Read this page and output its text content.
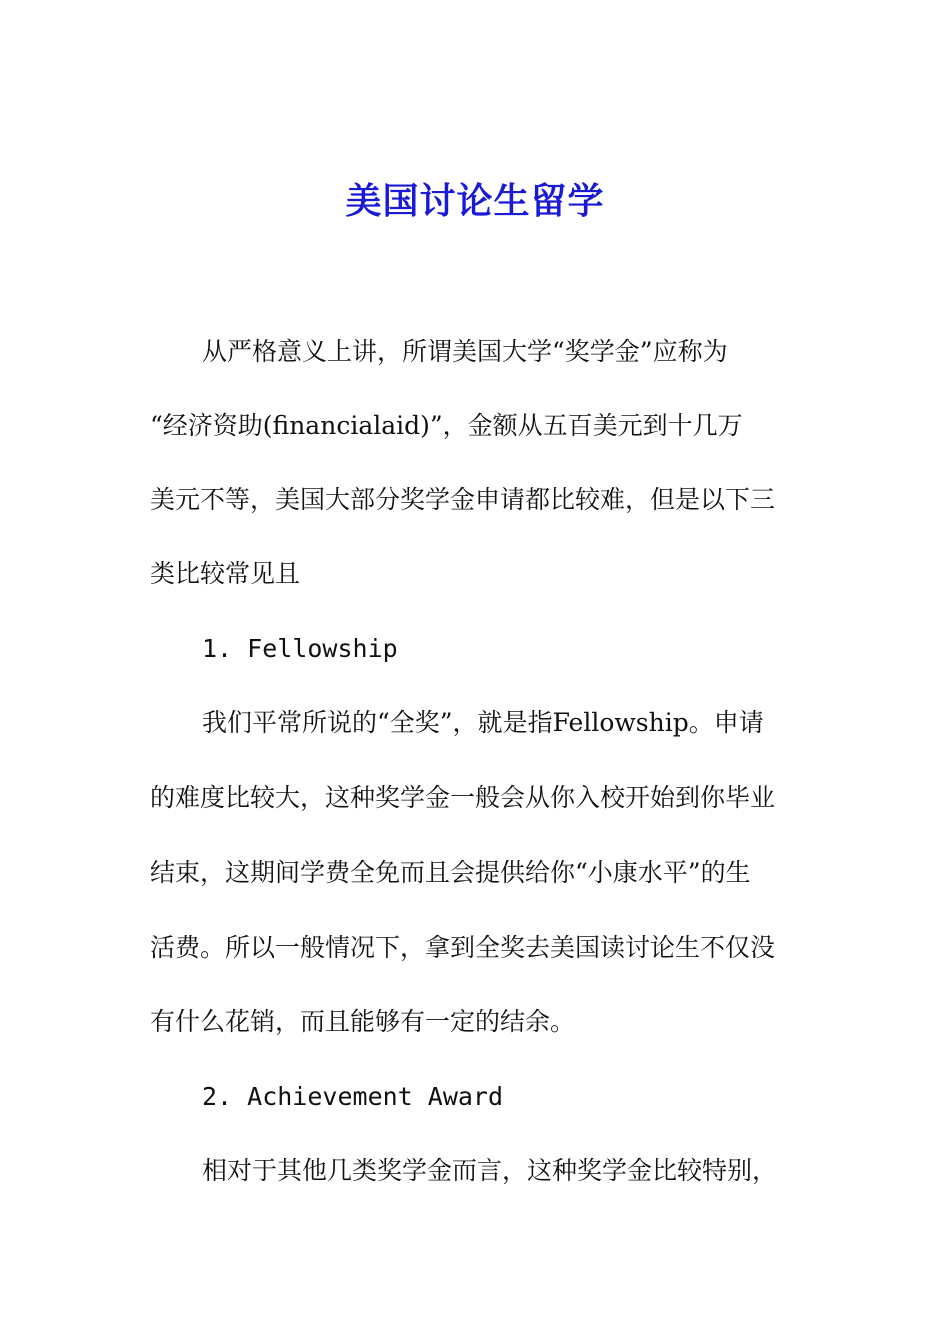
美国讨论生留学
从严格意义上讲，所谓美国大学“奖学金”应称为
“经济资助(financialaid)”，金额从五百美元到十几万
美元不等，美国大部分奖学金申请都比较难，但是以下三
类比较常见且
1. Fellowship
我们平常所说的“全奖”，就是指Fellowship。申请
的难度比较大，这种奖学金一般会从你入校开始到你毕业
结束，这期间学费全免而且会提供给你“小康水平”的生
活费。所以一般情况下，拿到全奖去美国读讨论生不仅没
有什么花销，而且能够有一定的结余。
2. Achievement Award
相对于其他几类奖学金而言，这种奖学金比较特别，
